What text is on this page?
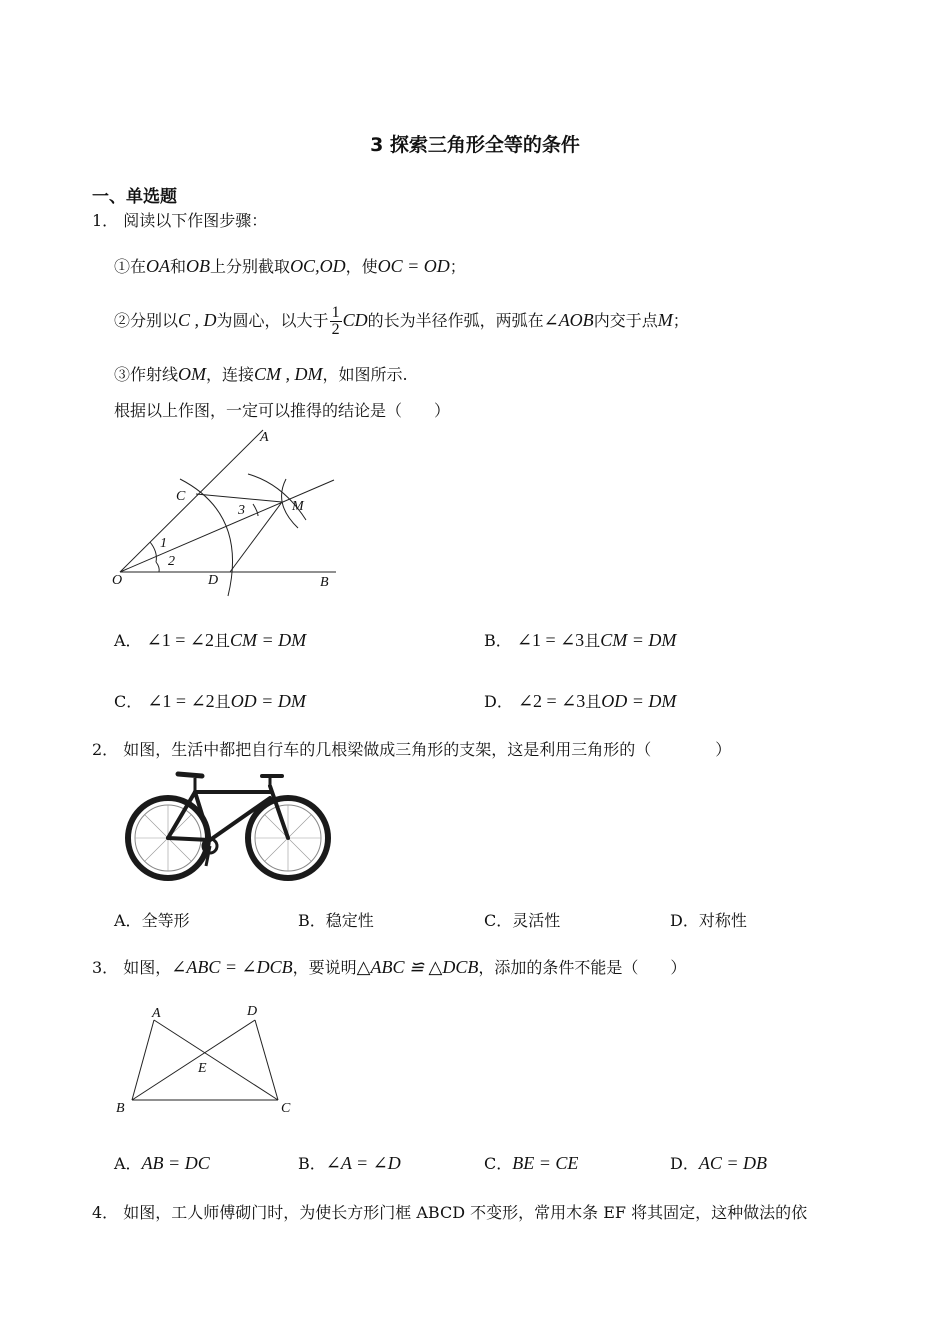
3 探索三角形全等的条件
一、单选题
1． 阅读以下作图步骤：
①在OA和OB上分别截取OC,OD，使OC = OD；
②分别以C , D为圆心，以大于 $\frac{1}{2}$ CD的长为半径作弧，两弧在∠AOB内交于点M；
③作射线OM，连接CM , DM，如图所示.
根据以上作图，一定可以推得的结论是（　　）
A
B
C
D
O
M
1
2
3
A． ∠1 = ∠2且CM = DM	B． ∠1 = ∠3且CM = DM
C． ∠1 = ∠2且OD = DM	D． ∠2 = ∠3且OD = DM
2． 如图，生活中都把自行车的几根梁做成三角形的支架，这是利用三角形的（　　　　）
A．全等形	B．稳定性	C．灵活性	D．对称性
3． 如图，∠ABC = ∠DCB，要说明△ABC ≌ △DCB，添加的条件不能是（　　）
A
B	C
D
E
A．AB = DC	B．∠A = ∠D	C．BE = CE	D．AC = DB
4． 如图，工人师傅砌门时，为使长方形门框 ABCD 不变形，常用木条 EF 将其固定，这种做法的依
